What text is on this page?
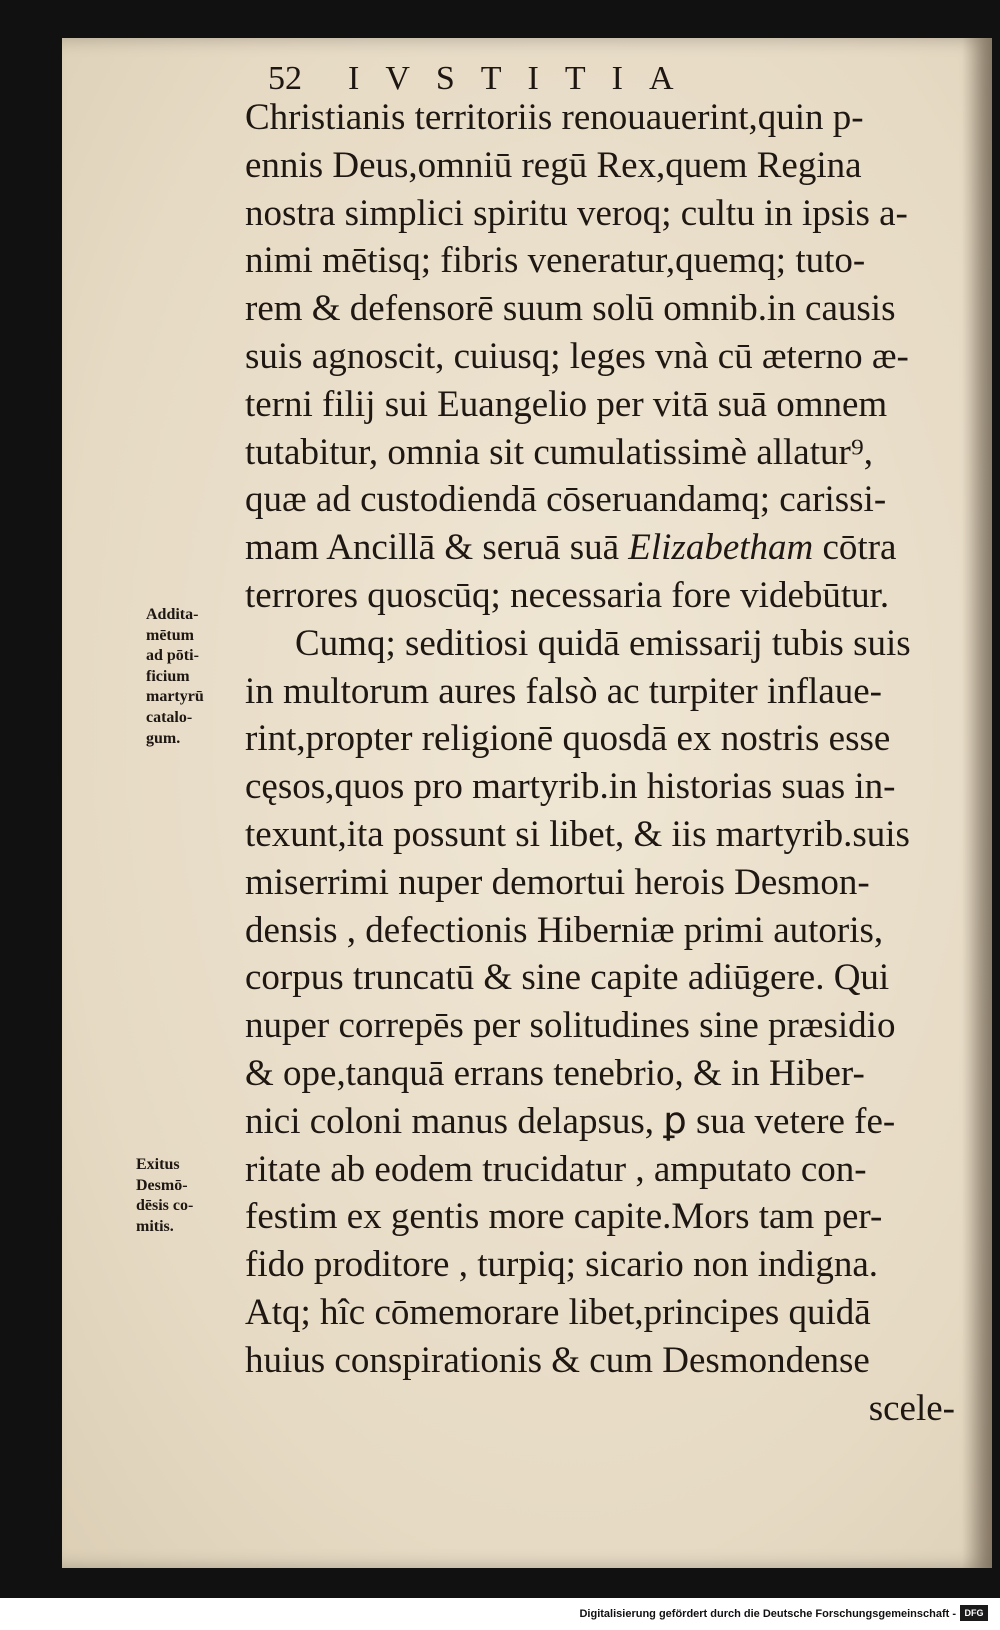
52 IVSTITIA
Christianis territoriis renouauerint,quin p-
ennis Deus,omniū regū Rex,quem Regina
nostra simplici spiritu veroq; cultu in ipsis a-
nimi mētisq; fibris veneratur,quemq; tuto-
rem & defensorē suum solū omnib.in causis
suis agnoscit, cuiusq; leges vnà cū æterno æ-
terni filij sui Euangelio per vitā suā omnem
tutabitur, omnia sit cumulatissimè allatur⁹,
quæ ad custodiendā cōseruandamq; carissi-
mam Ancillā & seruā suā Elizabetham cōtra
terrores quoscūq; necessaria fore videbūtur.
Cumq; seditiosi quidā emissarij tubis suis
in multorum aures falsò ac turpiter inflaue-
rint,propter religionē quosdā ex nostris esse
cęsos,quos pro martyrib.in historias suas in-
texunt,ita possunt si libet, & iis martyrib.suis
miserrimi nuper demortui herois Desmon-
densis , defectionis Hiberniæ primi autoris,
corpus truncatū & sine capite adiūgere. Qui
nuper correpēs per solitudines sine præsidio
& ope,tanquā errans tenebrio, & in Hiber-
nici coloni manus delapsus, ꝑ sua vetere fe-
ritate ab eodem trucidatur , amputato con-
festim ex gentis more capite.Mors tam per-
fido proditore , turpiq; sicario non indigna.
Atq; hîc cōmemorare libet,principes quidā
huius conspirationis & cum Desmondense
scele-
Addita-
mētum
ad pōti-
ficium
martyrū
catalo-
gum.
Exitus
Desmō-
dēsis co-
mitis.
Digitalisierung gefördert durch die Deutsche Forschungsgemeinschaft - DFG
